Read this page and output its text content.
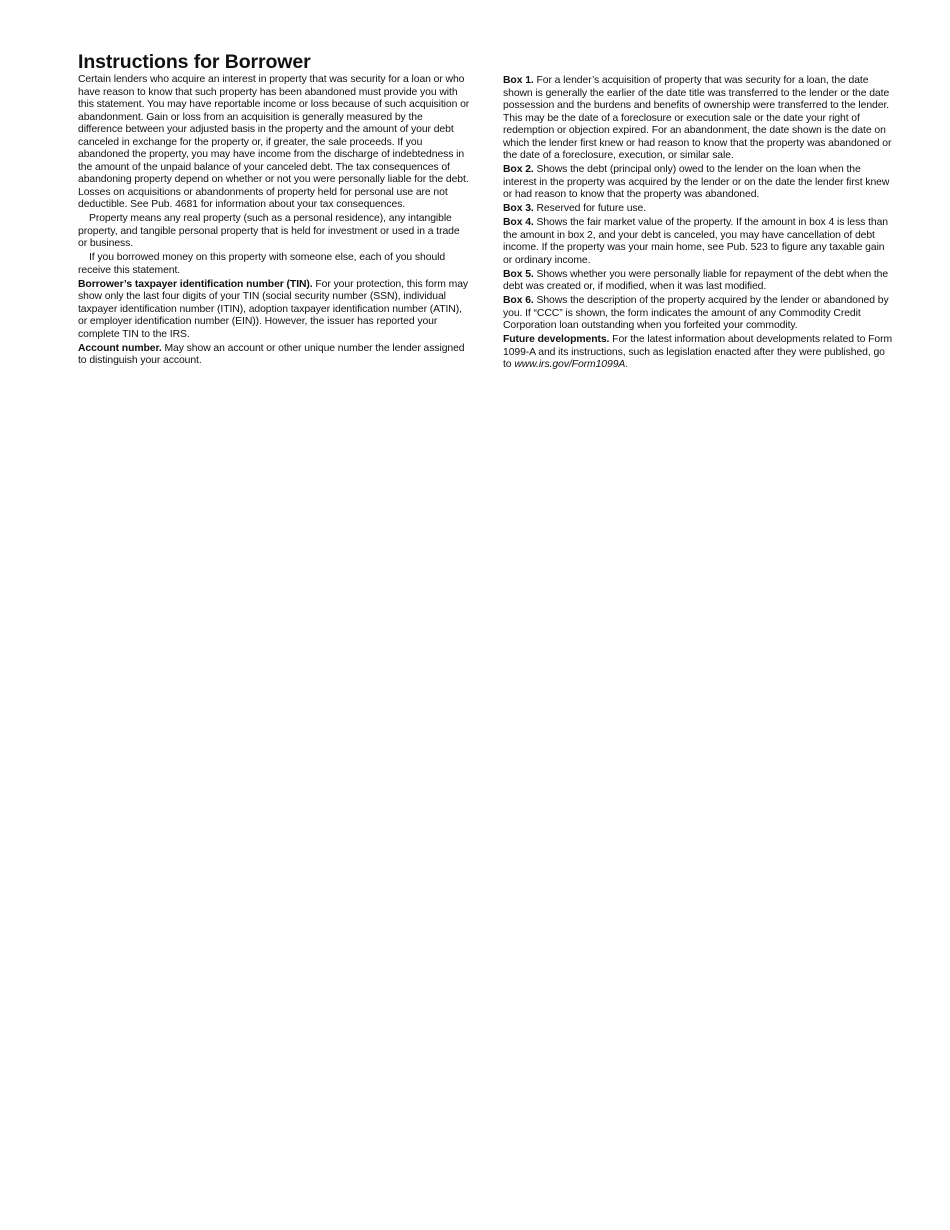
Instructions for Borrower

Certain lenders who acquire an interest in property that was security for a loan or who have reason to know that such property has been abandoned must provide you with this statement. You may have reportable income or loss because of such acquisition or abandonment. Gain or loss from an acquisition is generally measured by the difference between your adjusted basis in the property and the amount of your debt canceled in exchange for the property or, if greater, the sale proceeds. If you abandoned the property, you may have income from the discharge of indebtedness in the amount of the unpaid balance of your canceled debt. The tax consequences of abandoning property depend on whether or not you were personally liable for the debt. Losses on acquisitions or abandonments of property held for personal use are not deductible. See Pub. 4681 for information about your tax consequences.

Property means any real property (such as a personal residence), any intangible property, and tangible personal property that is held for investment or used in a trade or business.

If you borrowed money on this property with someone else, each of you should receive this statement.

Borrower’s taxpayer identification number (TIN). For your protection, this form may show only the last four digits of your TIN (social security number (SSN), individual taxpayer identification number (ITIN), adoption taxpayer identification number (ATIN), or employer identification number (EIN)). However, the issuer has reported your complete TIN to the IRS.

Account number. May show an account or other unique number the lender assigned to distinguish your account.

Box 1. For a lender’s acquisition of property that was security for a loan, the date shown is generally the earlier of the date title was transferred to the lender or the date possession and the burdens and benefits of ownership were transferred to the lender. This may be the date of a foreclosure or execution sale or the date your right of redemption or objection expired. For an abandonment, the date shown is the date on which the lender first knew or had reason to know that the property was abandoned or the date of a foreclosure, execution, or similar sale.

Box 2. Shows the debt (principal only) owed to the lender on the loan when the interest in the property was acquired by the lender or on the date the lender first knew or had reason to know that the property was abandoned.

Box 3. Reserved for future use.

Box 4. Shows the fair market value of the property. If the amount in box 4 is less than the amount in box 2, and your debt is canceled, you may have cancellation of debt income. If the property was your main home, see Pub. 523 to figure any taxable gain or ordinary income.

Box 5. Shows whether you were personally liable for repayment of the debt when the debt was created or, if modified, when it was last modified.

Box 6. Shows the description of the property acquired by the lender or abandoned by you. If “CCC” is shown, the form indicates the amount of any Commodity Credit Corporation loan outstanding when you forfeited your commodity.

Future developments. For the latest information about developments related to Form 1099-A and its instructions, such as legislation enacted after they were published, go to www.irs.gov/Form1099A.
